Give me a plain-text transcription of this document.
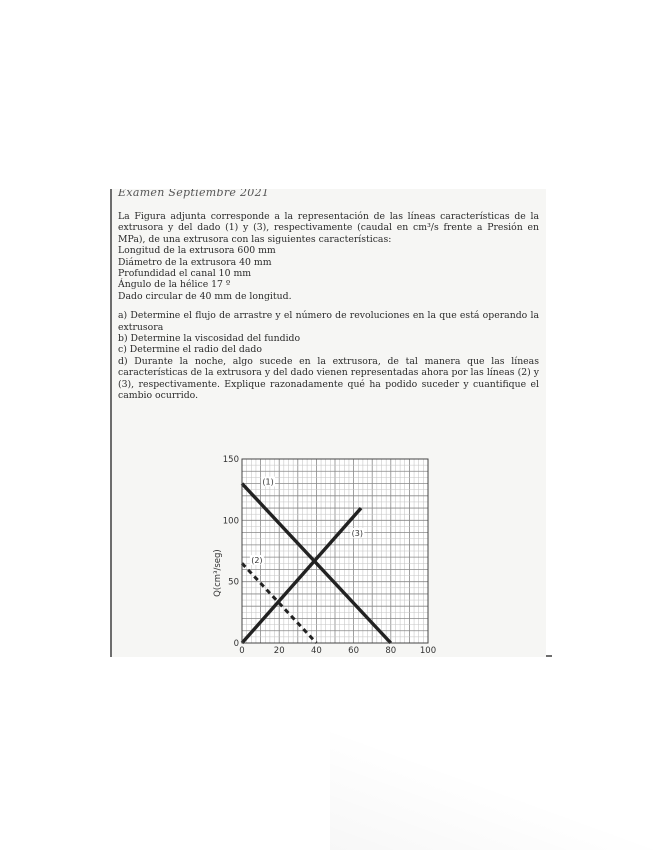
Examen Septiembre 2021

La Figura adjunta corresponde a la representación de las líneas características de la extrusora y del dado (1) y (3), respectivamente (caudal en cm³/s frente a Presión en MPa), de una extrusora con las siguientes características:

Longitud de la extrusora 600 mm

Diámetro de la extrusora 40 mm

Profundidad el canal 10 mm

Ángulo de la hélice 17 º

Dado circular de 40 mm de longitud.

a) Determine el flujo de arrastre y el número de revoluciones en la que está operando la extrusora

b) Determine la viscosidad del fundido

c) Determine el radio del dado

d) Durante la noche, algo sucede en la extrusora, de tal manera que las líneas características de la extrusora y del dado vienen representadas ahora por las líneas (2) y (3), respectivamente. Explique razonadamente qué ha podido suceder y cuantifique el cambio ocurrido.

0	20	40	60	80	100
0
50
100
150
Q(cm³/seg)
(1)
(2)
(3)
